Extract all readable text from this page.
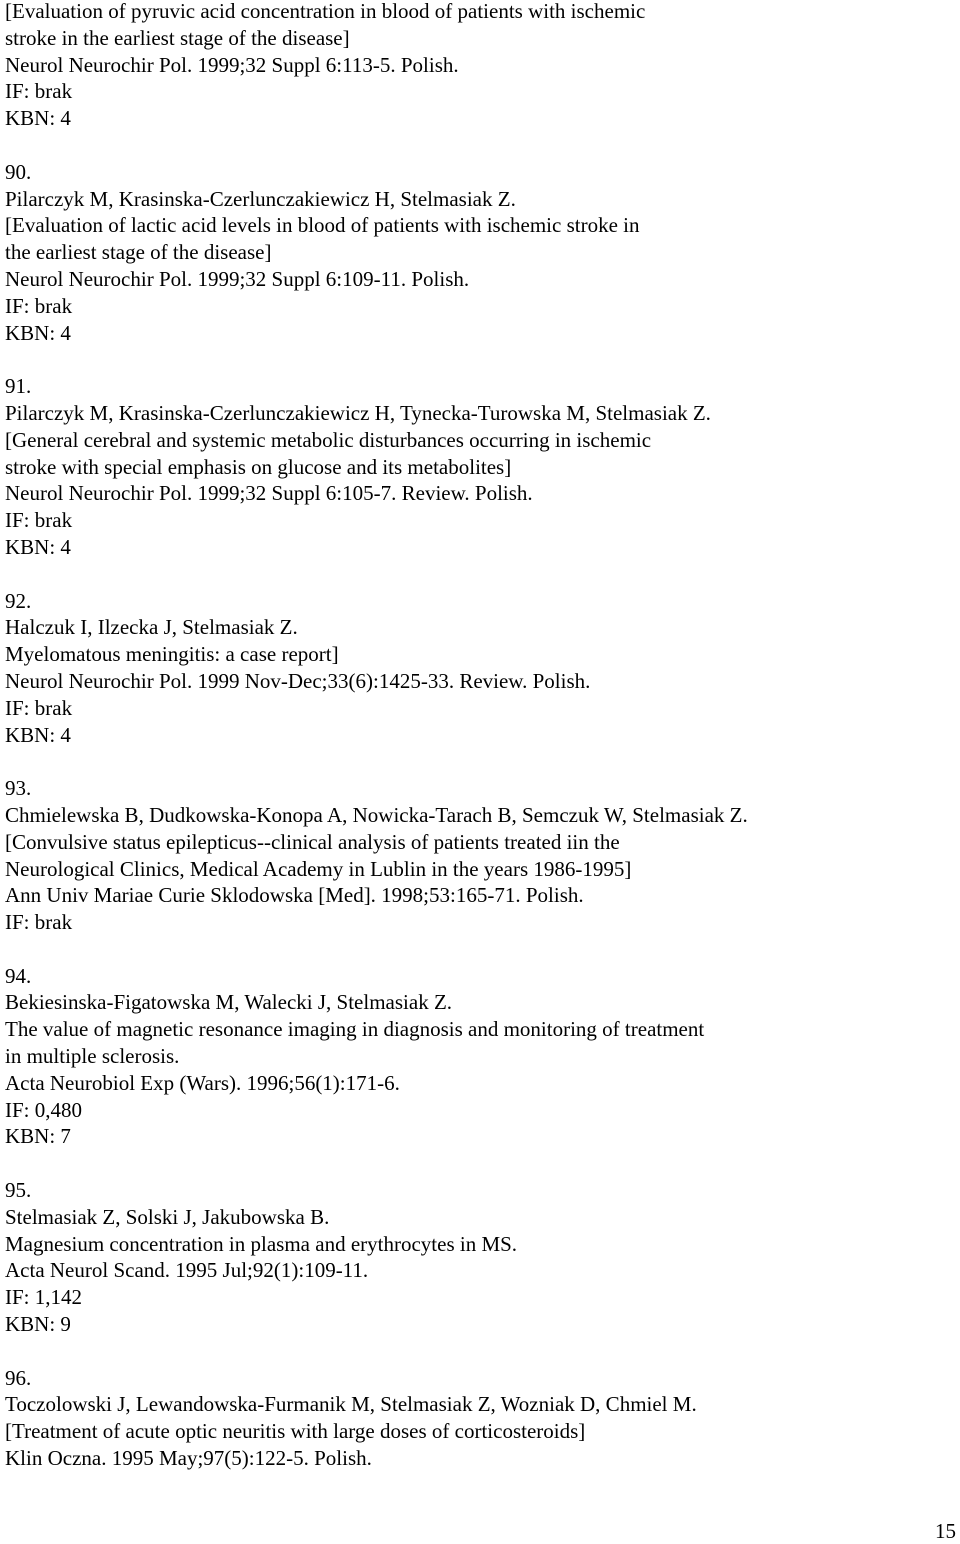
[Evaluation of pyruvic acid concentration in blood of patients with ischemic
stroke in the earliest stage of the disease]
Neurol Neurochir Pol. 1999;32 Suppl 6:113-5. Polish.
IF: brak
KBN: 4
90.
Pilarczyk M, Krasinska-Czerlunczakiewicz H, Stelmasiak Z.
[Evaluation of lactic acid levels in blood of patients with ischemic stroke in
the earliest stage of the disease]
Neurol Neurochir Pol. 1999;32 Suppl 6:109-11. Polish.
IF: brak
KBN: 4
91.
Pilarczyk M, Krasinska-Czerlunczakiewicz H, Tynecka-Turowska M, Stelmasiak Z.
[General cerebral and systemic metabolic disturbances occurring in ischemic
stroke with special emphasis on glucose and its metabolites]
Neurol Neurochir Pol. 1999;32 Suppl 6:105-7. Review. Polish.
IF: brak
KBN: 4
92.
Halczuk I, Ilzecka J, Stelmasiak Z.
Myelomatous meningitis: a case report]
Neurol Neurochir Pol. 1999 Nov-Dec;33(6):1425-33. Review. Polish.
IF: brak
KBN: 4
93.
Chmielewska B, Dudkowska-Konopa A, Nowicka-Tarach B, Semczuk W, Stelmasiak Z.
[Convulsive status epilepticus--clinical analysis of patients treated iin the
Neurological Clinics, Medical Academy in Lublin in the years 1986-1995]
Ann Univ Mariae Curie Sklodowska [Med]. 1998;53:165-71. Polish.
IF: brak
94.
Bekiesinska-Figatowska M, Walecki J, Stelmasiak Z.
The value of magnetic resonance imaging in diagnosis and monitoring of treatment
in multiple sclerosis.
Acta Neurobiol Exp (Wars). 1996;56(1):171-6.
IF: 0,480
KBN: 7
95.
Stelmasiak Z, Solski J, Jakubowska B.
Magnesium concentration in plasma and erythrocytes in MS.
Acta Neurol Scand. 1995 Jul;92(1):109-11.
IF: 1,142
KBN: 9
96.
Toczolowski J, Lewandowska-Furmanik M, Stelmasiak Z, Wozniak D, Chmiel M.
[Treatment of acute optic neuritis with large doses of corticosteroids]
Klin Oczna. 1995 May;97(5):122-5. Polish.
15
